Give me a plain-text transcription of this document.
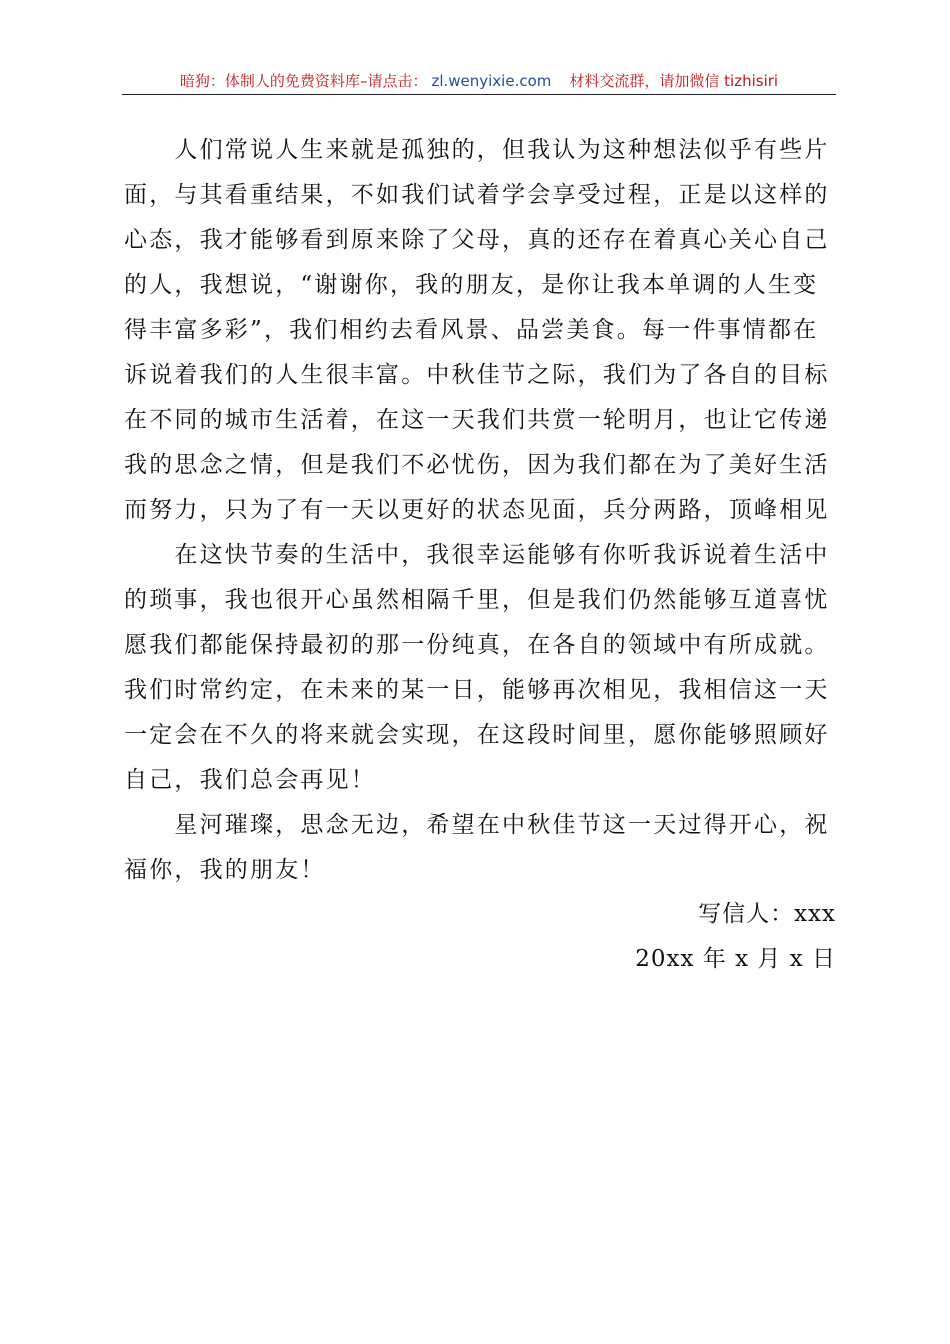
暗狗：体制人的免费资料库–请点击： zl.wenyixie.com 材料交流群，请加微信 tizhisiri

　　人们常说人生来就是孤独的，但我认为这种想法似乎有些片
面，与其看重结果，不如我们试着学会享受过程，正是以这样的
心态，我才能够看到原来除了父母，真的还存在着真心关心自己
的人，我想说，“谢谢你，我的朋友，是你让我本单调的人生变
得丰富多彩”，我们相约去看风景、品尝美食。每一件事情都在
诉说着我们的人生很丰富。中秋佳节之际，我们为了各自的目标
在不同的城市生活着，在这一天我们共赏一轮明月，也让它传递
我的思念之情，但是我们不必忧伤，因为我们都在为了美好生活
而努力，只为了有一天以更好的状态见面，兵分两路，顶峰相见
　　在这快节奏的生活中，我很幸运能够有你听我诉说着生活中
的琐事，我也很开心虽然相隔千里，但是我们仍然能够互道喜忧
愿我们都能保持最初的那一份纯真，在各自的领域中有所成就。
我们时常约定，在未来的某一日，能够再次相见，我相信这一天
一定会在不久的将来就会实现，在这段时间里，愿你能够照顾好
自己，我们总会再见！
　　星河璀璨，思念无边，希望在中秋佳节这一天过得开心，祝
福你，我的朋友！

写信人：xxx
20xx 年 x 月 x 日
